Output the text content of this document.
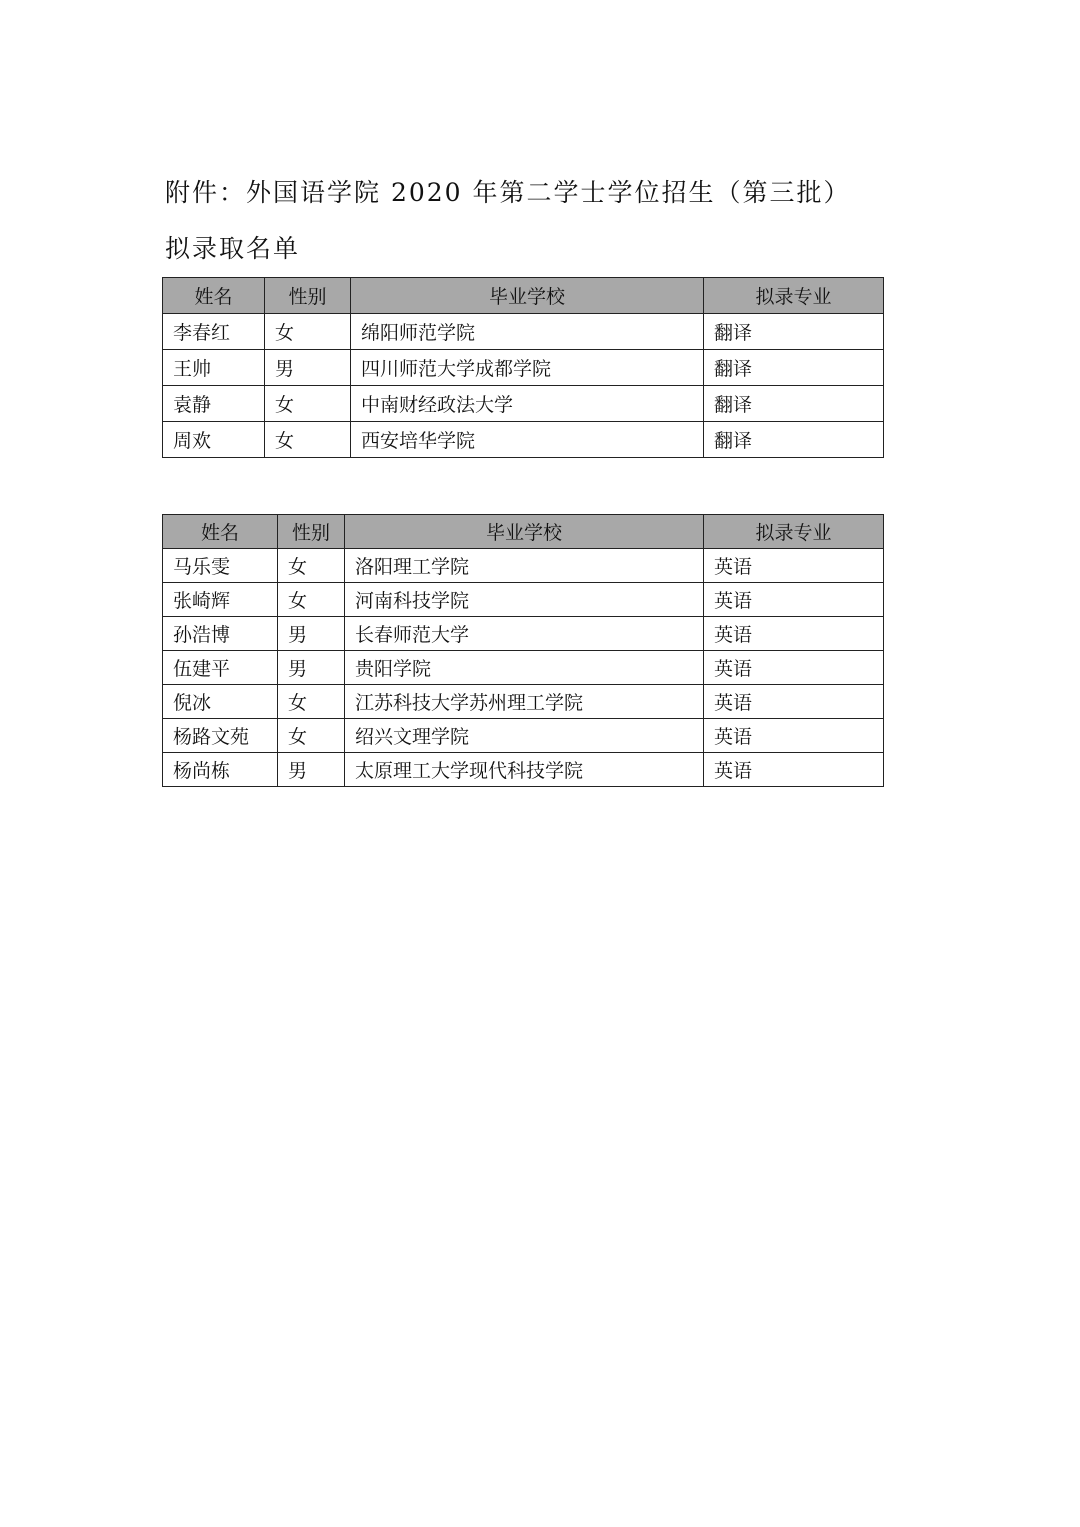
附件：外国语学院 2020 年第二学士学位招生（第三批）
拟录取名单
姓名	性别	毕业学校	拟录专业
李春红	女	绵阳师范学院	翻译
王帅	男	四川师范大学成都学院	翻译
袁静	女	中南财经政法大学	翻译
周欢	女	西安培华学院	翻译
姓名	性别	毕业学校	拟录专业
马乐雯	女	洛阳理工学院	英语
张崎辉	女	河南科技学院	英语
孙浩博	男	长春师范大学	英语
伍建平	男	贵阳学院	英语
倪冰	女	江苏科技大学苏州理工学院	英语
杨路文苑	女	绍兴文理学院	英语
杨尚栋	男	太原理工大学现代科技学院	英语
